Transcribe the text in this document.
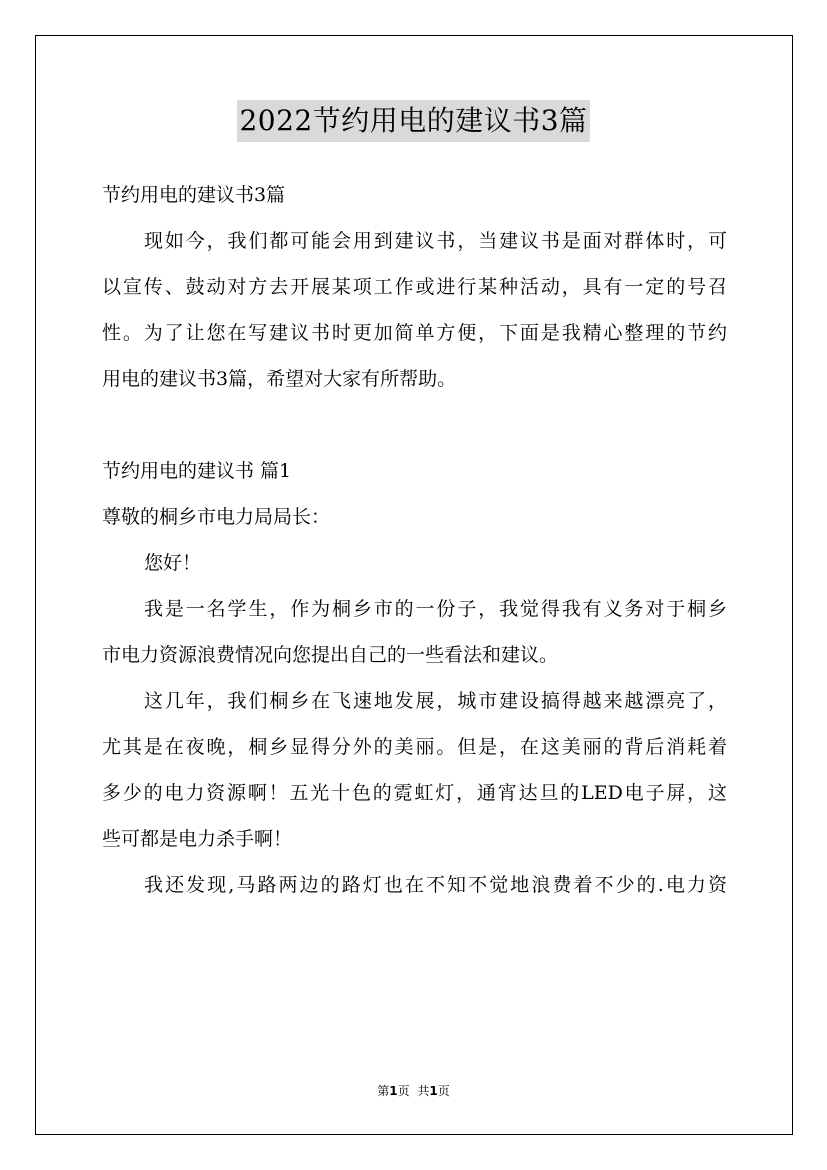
2022节约用电的建议书3篇
节约用电的建议书3篇
现如今，我们都可能会用到建议书，当建议书是面对群体时，可
以宣传、鼓动对方去开展某项工作或进行某种活动，具有一定的号召
性。为了让您在写建议书时更加简单方便，下面是我精心整理的节约
用电的建议书3篇，希望对大家有所帮助。
节约用电的建议书 篇1
尊敬的桐乡市电力局局长：
您好！
我是一名学生，作为桐乡市的一份子，我觉得我有义务对于桐乡
市电力资源浪费情况向您提出自己的一些看法和建议。
这几年，我们桐乡在飞速地发展，城市建设搞得越来越漂亮了，
尤其是在夜晚，桐乡显得分外的美丽。但是，在这美丽的背后消耗着
多少的电力资源啊！五光十色的霓虹灯，通宵达旦的LED电子屏，这
些可都是电力杀手啊！
我还发现,马路两边的路灯也在不知不觉地浪费着不少的.电力资
第1页 共1页
